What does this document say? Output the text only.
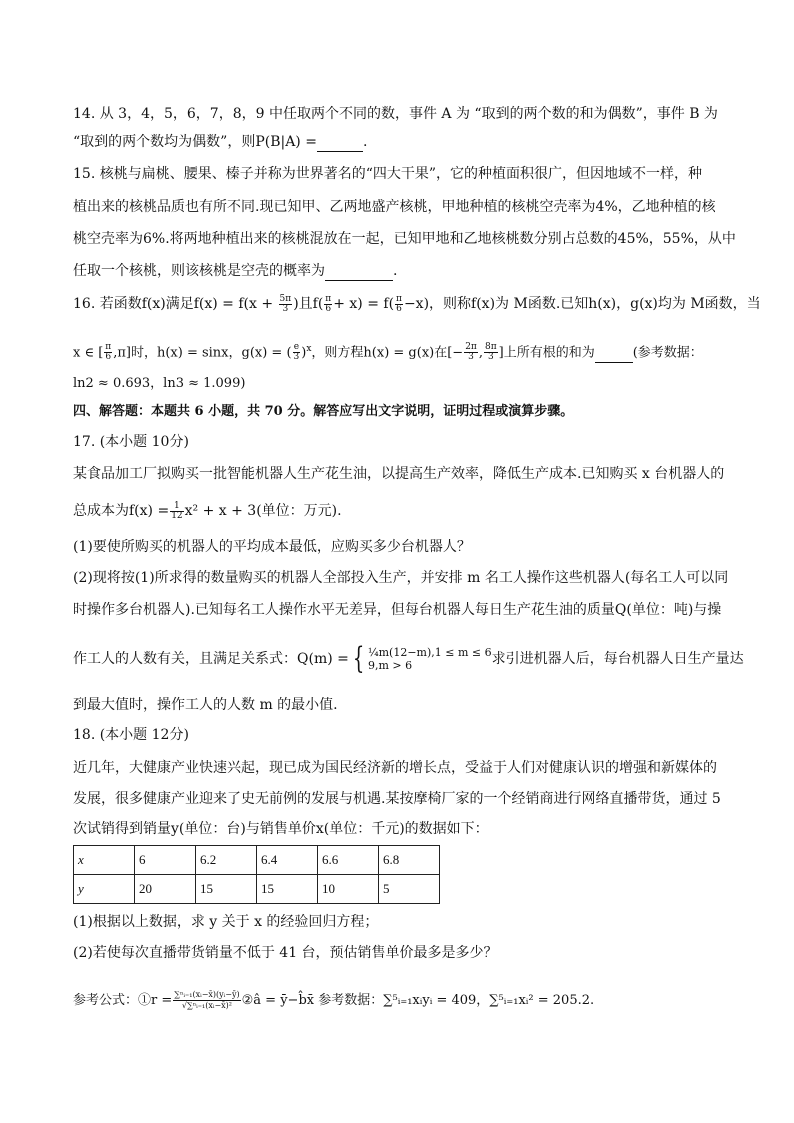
14. 从 3，4，5，6，7，8，9 中任取两个不同的数，事件 A 为 “取到的两个数的和为偶数”，事件 B 为
“取到的两个数均为偶数”，则P(B|A) =	.
15. 核桃与扁桃、腰果、榛子并称为世界著名的“四大干果”，它的种植面积很广，但因地域不一样，种
植出来的核桃品质也有所不同.现已知甲、乙两地盛产核桃，甲地种植的核桃空壳率为4%，乙地种植的核
桃空壳率为6%.将两地种植出来的核桃混放在一起，已知甲地和乙地核桃数分别占总数的45%，55%，从中
任取一个核桃，则该核桃是空壳的概率为	.
16. 若函数f(x)满足$f(x) = f(x + \frac{5\pi}{3}$ )且$f( \frac{\pi}{6} + x) = f( \frac{\pi}{6} -x)$，则称f(x)为 M函数.已知h(x)，g(x)均为 M函数，当
x ∈ [ $\frac{\pi}{6} ,\pi$]时，h(x) = sinx，g(x) = ( $\frac{e}{3} )^x$，则方程h(x) = g(x)在[− $\frac{2\pi}{3}$ , $\frac{8\pi}{3}$ ]上所有根的和为	(参考数据：
ln2 ≈ 0.693，ln3 ≈ 1.099)
四、解答题：本题共 6 小题，共 70 分。解答应写出文字说明，证明过程或演算步骤。
17. (本小题 10分)
某食品加工厂拟购买一批智能机器人生产花生油，以提高生产效率，降低生产成本.已知购买 x 台机器人的
总成本为$f(x) = \frac{1}{12} x^2 + x + 3$(单位：万元).
(1)要使所购买的机器人的平均成本最低，应购买多少台机器人？
(2)现将按(1)所求得的数量购买的机器人全部投入生产，并安排 m 名工人操作这些机器人(每名工人可以同
时操作多台机器人).已知每名工人操作水平无差异，但每台机器人每日生产花生油的质量Q(单位：吨)与操
作工人的人数有关，且满足关系式：Q(m) = { ¼m(12−m),1 ≤ m ≤ 6
9,m > 6	求引进机器人后，每台机器人日生产量达
到最大值时，操作工人的人数 m 的最小值.
18. (本小题 12分)
近几年，大健康产业快速兴起，现已成为国民经济新的增长点，受益于人们对健康认识的增强和新媒体的
发展，很多健康产业迎来了史无前例的发展与机遇.某按摩椅厂家的一个经销商进行网络直播带货，通过 5
次试销得到销量y(单位：台)与销售单价x(单位：千元)的数据如下：
x	6	6.2	6.4	6.6	6.8
y	20	15	15	10	5
(1)根据以上数据，求 y 关于 x 的经验回归方程；
(2)若使每次直播带货销量不低于 41 台，预估销售单价最多是多少？
参考公式：①r = $\frac{\text{∑ⁿᵢ₌₁(xᵢ−x̄)(yᵢ−ȳ)}}{\text{√∑ⁿᵢ₌₁(xᵢ−x̄)²}}$ ②â = ȳ−b̂x̄ 参考数据：∑⁵ᵢ₌₁xᵢyᵢ = 409，∑⁵ᵢ₌₁xᵢ² = 205.2.
